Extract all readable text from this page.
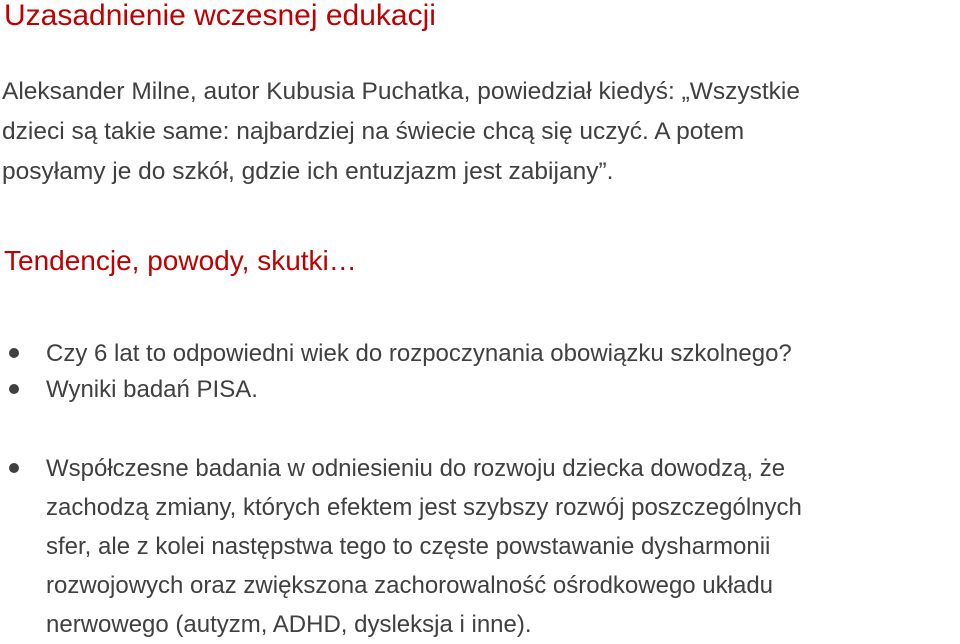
Uzasadnienie wczesnej edukacji
Aleksander Milne, autor Kubusia Puchatka, powiedział kiedyś: „Wszystkie
dzieci są takie same: najbardziej na świecie chcą się uczyć. A potem
posyłamy je do szkół, gdzie ich entuzjazm jest zabijany”.
Tendencje, powody, skutki…
Czy 6 lat to odpowiedni wiek do rozpoczynania obowiązku szkolnego?
Wyniki badań PISA.
Współczesne badania w odniesieniu do rozwoju dziecka dowodzą, że
zachodzą zmiany, których efektem jest szybszy rozwój poszczególnych
sfer, ale z kolei następstwa tego to częste powstawanie dysharmonii
rozwojowych oraz zwiększona zachorowalność ośrodkowego układu
nerwowego (autyzm, ADHD, dysleksja i inne).
